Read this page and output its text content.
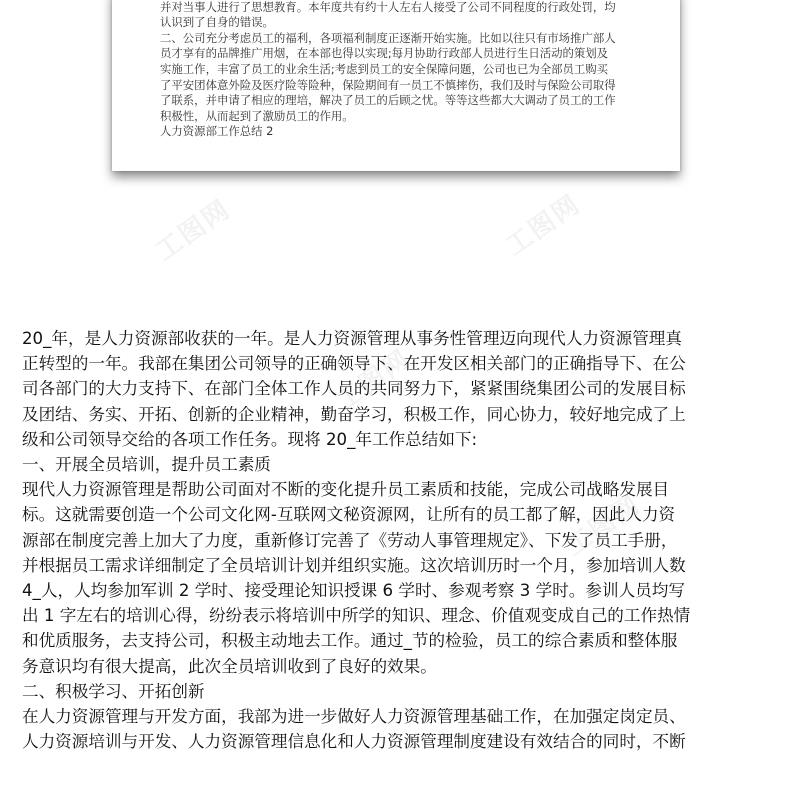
并对当事人进行了思想教育。本年度共有约十人左右人接受了公司不同程度的行政处罚，均

认识到了自身的错误。

二、公司充分考虑员工的福利，各项福利制度正逐渐开始实施。比如以往只有市场推广部人

员才享有的品牌推广用烟，在本部也得以实现;每月协助行政部人员进行生日活动的策划及

实施工作，丰富了员工的业余生活;考虑到员工的安全保障问题，公司也已为全部员工购买

了平安团体意外险及医疗险等险种，保险期间有一员工不慎摔伤，我们及时与保险公司取得

了联系，并申请了相应的理培，解决了员工的后顾之忧。等等这些都大大调动了员工的工作

积极性，从而起到了激励员工的作用。

人力资源部工作总结 2

工图网	工图网
工图网
工图网

20_年，是人力资源部收获的一年。是人力资源管理从事务性管理迈向现代人力资源管理真

正转型的一年。我部在集团公司领导的正确领导下、在开发区相关部门的正确指导下、在公

司各部门的大力支持下、在部门全体工作人员的共同努力下，紧紧围绕集团公司的发展目标

及团结、务实、开拓、创新的企业精神，勤奋学习，积极工作，同心协力，较好地完成了上

级和公司领导交给的各项工作任务。现将 20_年工作总结如下:

一、开展全员培训，提升员工素质

现代人力资源管理是帮助公司面对不断的变化提升员工素质和技能，完成公司战略发展目

标。这就需要创造一个公司文化网-互联网文秘资源网，让所有的员工都了解，因此人力资

源部在制度完善上加大了力度，重新修订完善了《劳动人事管理规定》、下发了员工手册，

并根据员工需求详细制定了全员培训计划并组织实施。这次培训历时一个月，参加培训人数

4_人，人均参加军训 2 学时、接受理论知识授课 6 学时、参观考察 3 学时。参训人员均写

出 1 字左右的培训心得，纷纷表示将培训中所学的知识、理念、价值观变成自己的工作热情

和优质服务，去支持公司，积极主动地去工作。通过_节的检验，员工的综合素质和整体服

务意识均有很大提高，此次全员培训收到了良好的效果。

二、积极学习、开拓创新

在人力资源管理与开发方面，我部为进一步做好人力资源管理基础工作，在加强定岗定员、

人力资源培训与开发、人力资源管理信息化和人力资源管理制度建设有效结合的同时，不断
